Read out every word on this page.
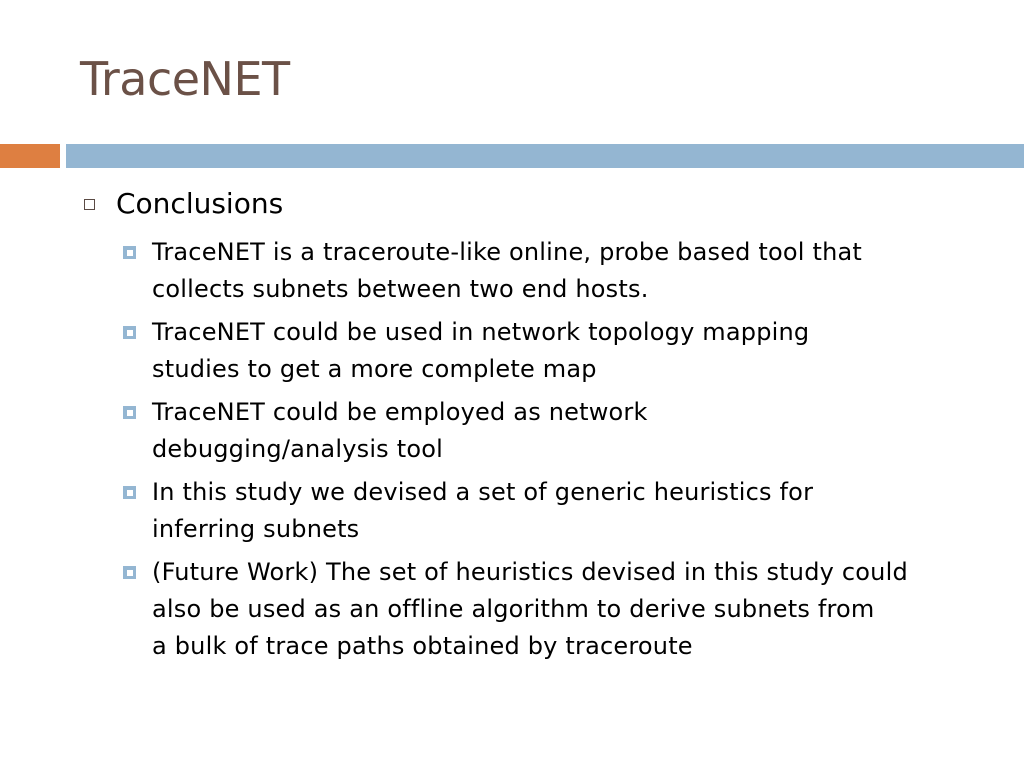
TraceNET
Conclusions
TraceNET is a traceroute-like online, probe based tool that
collects subnets between two end hosts.
TraceNET could be used in network topology mapping
studies to get a more complete map
TraceNET could be employed as network
debugging/analysis tool
In this study we devised a set of generic heuristics for
inferring subnets
(Future Work) The set of heuristics devised in this study could
also be used as an offline algorithm to derive subnets from
a bulk of trace paths obtained by traceroute
